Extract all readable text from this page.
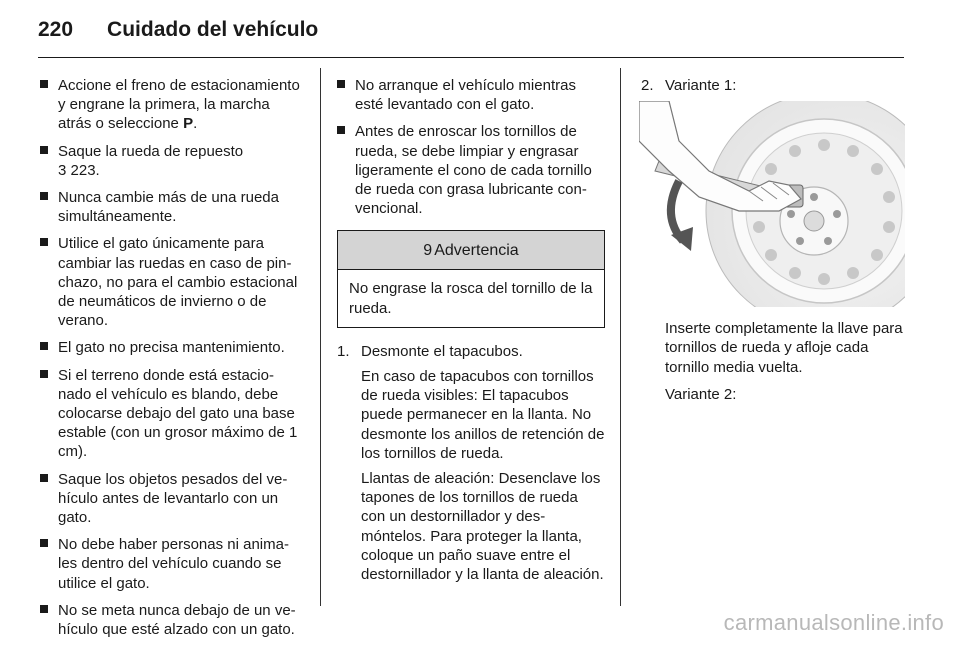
220 Cuidado del vehículo
Accione el freno de estacionamiento y engrane la primera, la marcha atrás o seleccione P.
Saque la rueda de repuesto
3 223.
Nunca cambie más de una rueda simultáneamente.
Utilice el gato únicamente para cambiar las ruedas en caso de pinchazo, no para el cambio estacional de neumáticos de invierno o de verano.
El gato no precisa mantenimiento.
Si el terreno donde está estacionado el vehículo es blando, debe colocarse debajo del gato una base estable (con un grosor máximo de 1 cm).
Saque los objetos pesados del vehículo antes de levantarlo con un gato.
No debe haber personas ni animales dentro del vehículo cuando se utilice el gato.
No se meta nunca debajo de un vehículo que esté alzado con un gato.
No arranque el vehículo mientras esté levantado con el gato.
Antes de enroscar los tornillos de rueda, se debe limpiar y engrasar ligeramente el cono de cada tornillo de rueda con grasa lubricante convencional.
9 Advertencia
No engrase la rosca del tornillo de la rueda.
1. Desmonte el tapacubos.
En caso de tapacubos con tornillos de rueda visibles: El tapacubos puede permanecer en la llanta. No desmonte los anillos de retención de los tornillos de rueda.
Llantas de aleación: Desenclave los tapones de los tornillos de rueda con un destornillador y desmóntelos. Para proteger la llanta, coloque un paño suave entre el destornillador y la llanta de aleación.
2. Variante 1:
Inserte completamente la llave para tornillos de rueda y afloje cada tornillo media vuelta.
Variante 2:
carmanualsonline.info
